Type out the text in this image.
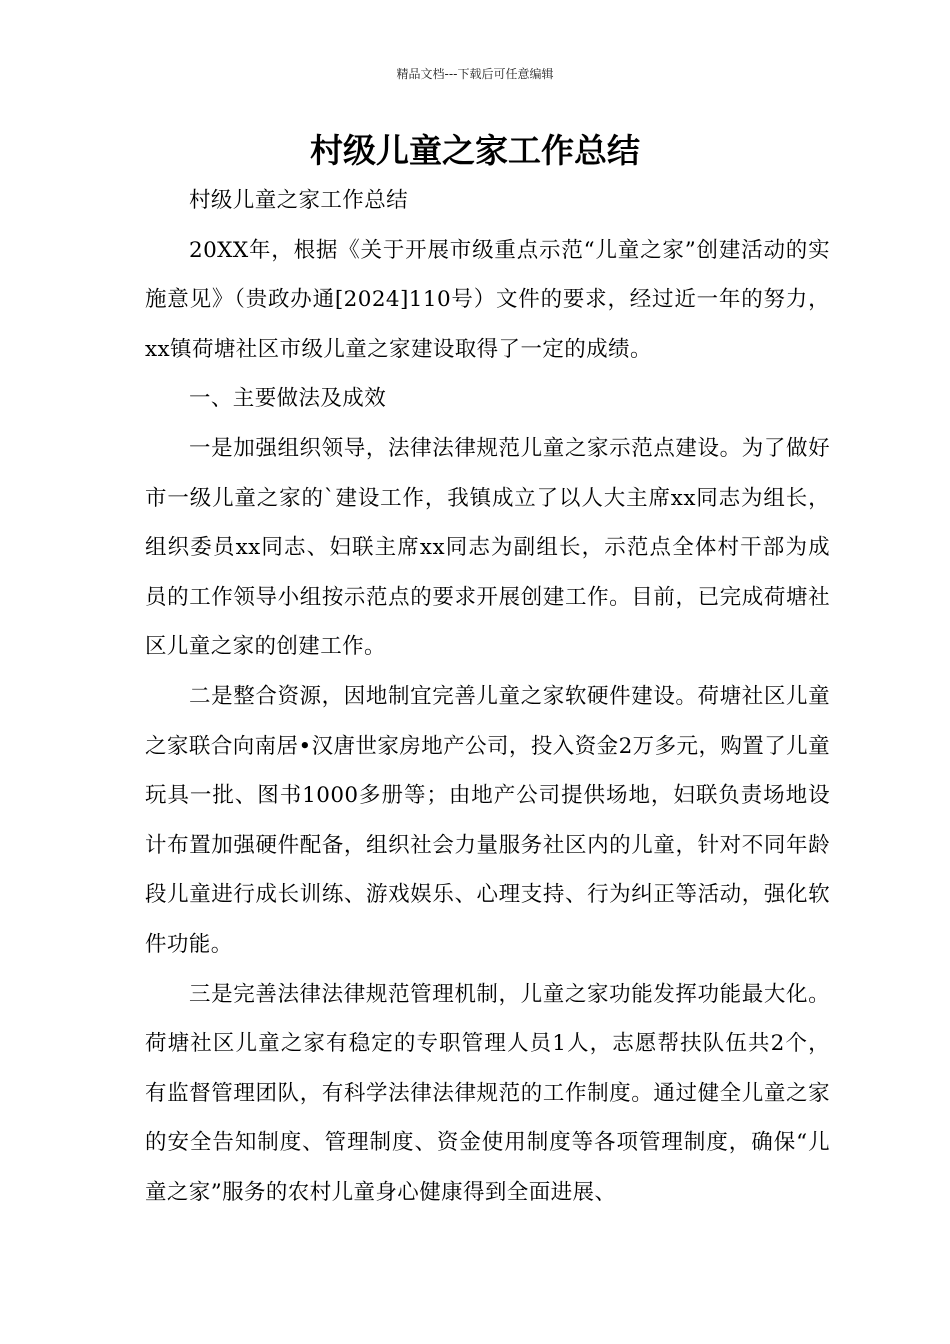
精品文档---下载后可任意编辑
村级儿童之家工作总结

村级儿童之家工作总结

20XX年，根据《关于开展市级重点示范“儿童之家”创建活动的实施意见》（贵政办通[2024]110号）文件的要求，经过近一年的努力，xx镇荷塘社区市级儿童之家建设取得了一定的成绩。

一、主要做法及成效

一是加强组织领导，法律法律规范儿童之家示范点建设。为了做好市一级儿童之家的`建设工作，我镇成立了以人大主席xx同志为组长，组织委员xx同志、妇联主席xx同志为副组长，示范点全体村干部为成员的工作领导小组按示范点的要求开展创建工作。目前，已完成荷塘社区儿童之家的创建工作。

二是整合资源，因地制宜完善儿童之家软硬件建设。荷塘社区儿童之家联合向南居•汉唐世家房地产公司，投入资金2万多元，购置了儿童玩具一批、图书1000多册等；由地产公司提供场地，妇联负责场地设计布置加强硬件配备，组织社会力量服务社区内的儿童，针对不同年龄段儿童进行成长训练、游戏娱乐、心理支持、行为纠正等活动，强化软件功能。

三是完善法律法律规范管理机制，儿童之家功能发挥功能最大化。荷塘社区儿童之家有稳定的专职管理人员1人，志愿帮扶队伍共2个，有监督管理团队，有科学法律法律规范的工作制度。通过健全儿童之家的安全告知制度、管理制度、资金使用制度等各项管理制度，确保“儿童之家”服务的农村儿童身心健康得到全面进展、
